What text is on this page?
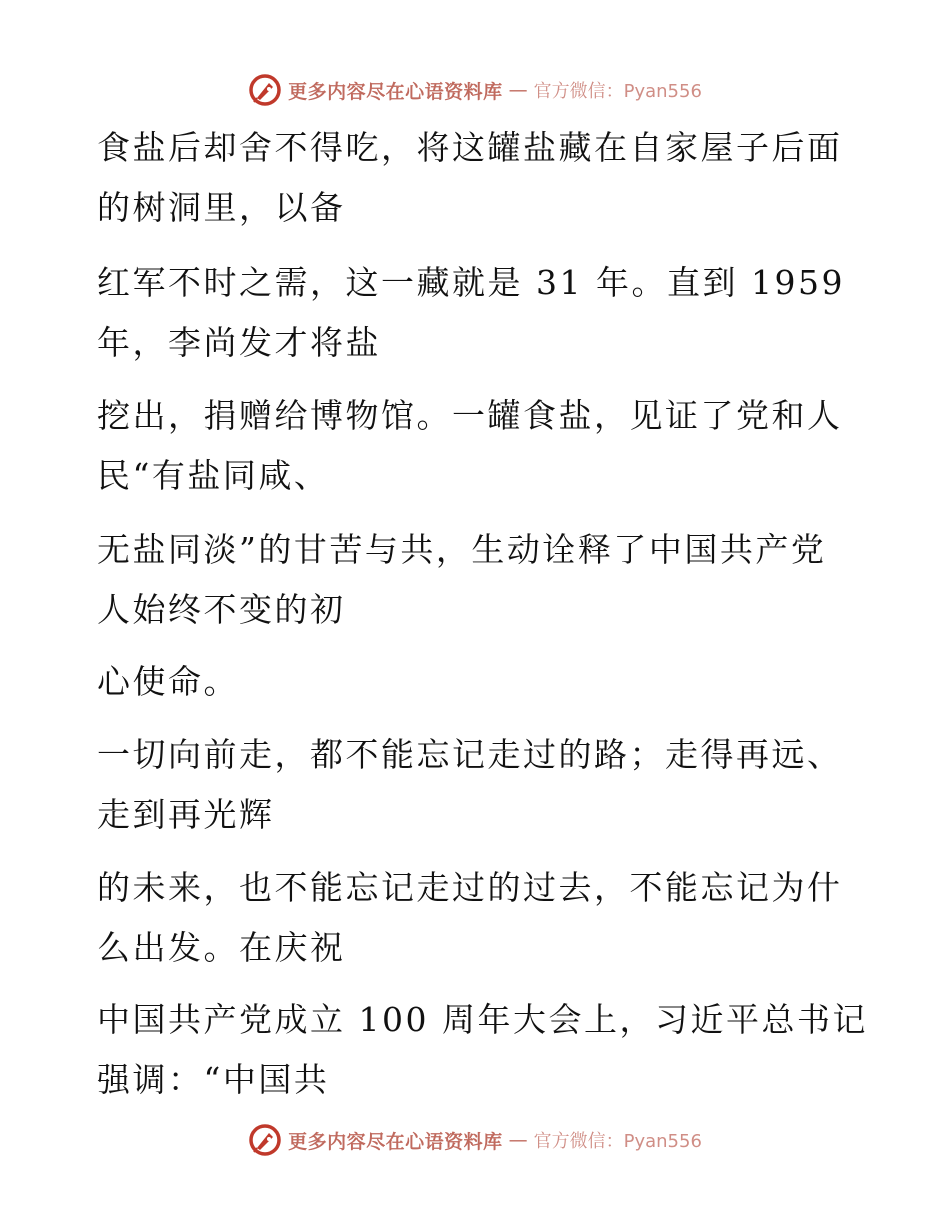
更多内容尽在心语资料库 — 官方微信：Pyan556
食盐后却舍不得吃，将这罐盐藏在自家屋子后面
的树洞里，以备
红军不时之需，这一藏就是 31 年。直到 1959
年，李尚发才将盐
挖出，捐赠给博物馆。一罐食盐，见证了党和人
民“有盐同咸、
无盐同淡”的甘苦与共，生动诠释了中国共产党
人始终不变的初
心使命。
一切向前走，都不能忘记走过的路；走得再远、
走到再光辉
的未来，也不能忘记走过的过去，不能忘记为什
么出发。在庆祝
中国共产党成立 100 周年大会上，习近平总书记
强调：“中国共
更多内容尽在心语资料库 — 官方微信：Pyan556
